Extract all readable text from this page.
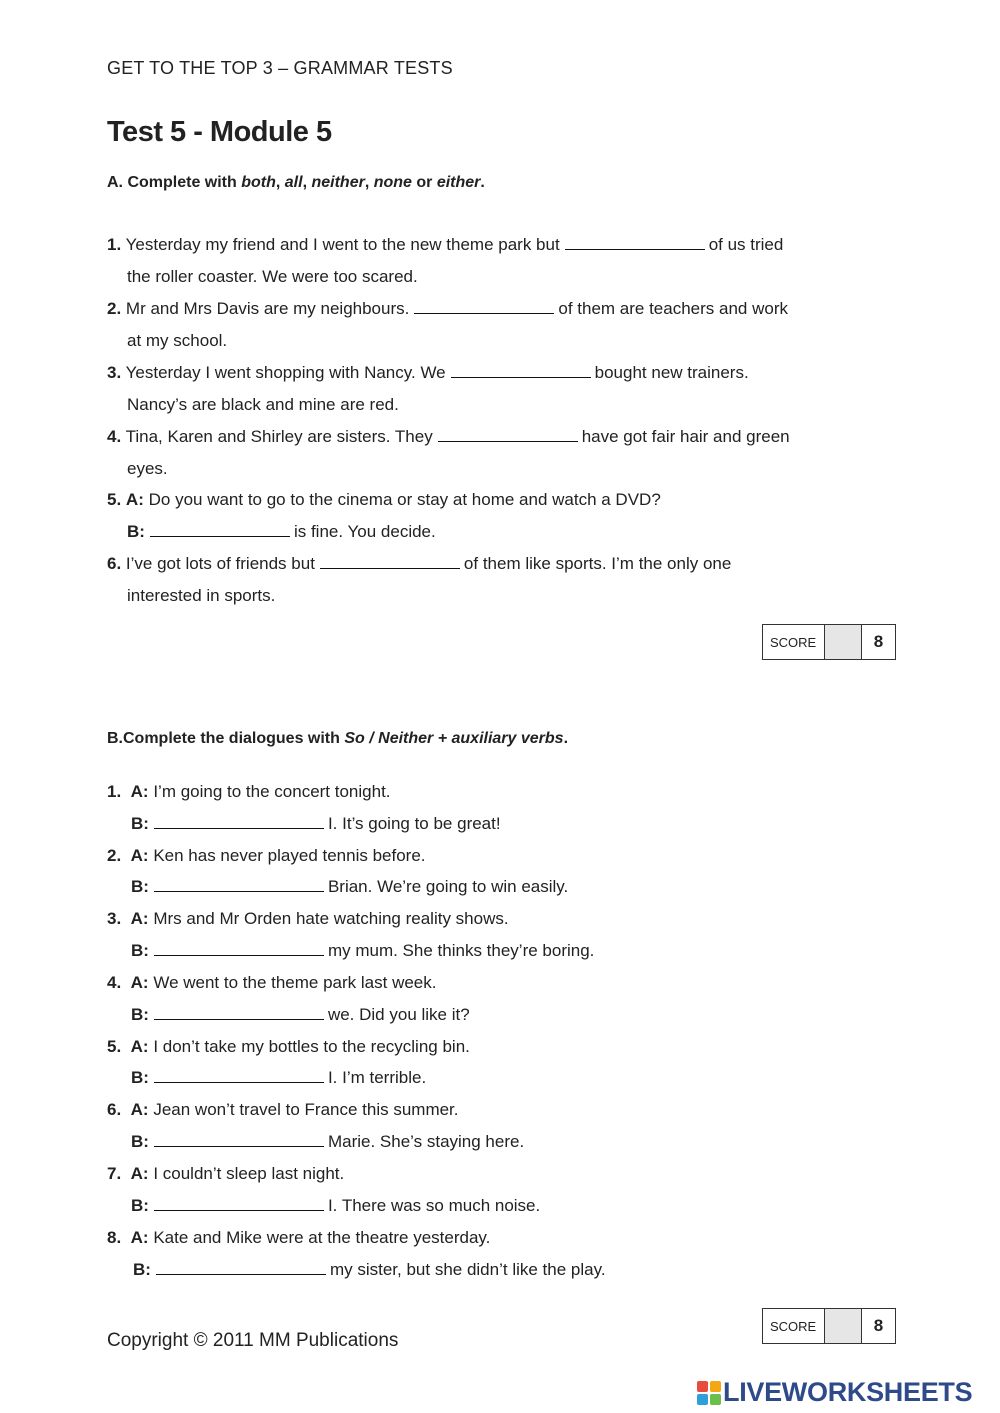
GET TO THE TOP 3 – GRAMMAR TESTS
Test 5 - Module 5
A. Complete with both, all, neither, none or either.
1. Yesterday my friend and I went to the new theme park but	of us tried
the roller coaster. We were too scared.
2. Mr and Mrs Davis are my neighbours.	of them are teachers and work
at my school.
3. Yesterday I went shopping with Nancy. We	bought new trainers.
Nancy’s are black and mine are red.
4. Tina, Karen and Shirley are sisters. They	have got fair hair and green
eyes.
5. A: Do you want to go to the cinema or stay at home and watch a DVD?
B:	is fine. You decide.
6. I’ve got lots of friends but	of them like sports. I’m the only one
interested in sports.
SCORE	8
B.Complete the dialogues with So / Neither + auxiliary verbs.
1. A: I’m going to the concert tonight.
B:	I. It’s going to be great!
2. A: Ken has never played tennis before.
B:	Brian. We’re going to win easily.
3. A: Mrs and Mr Orden hate watching reality shows.
B:	my mum. She thinks they’re boring.
4. A: We went to the theme park last week.
B:	we. Did you like it?
5. A: I don’t take my bottles to the recycling bin.
B:	I. I’m terrible.
6. A: Jean won’t travel to France this summer.
B:	Marie. She’s staying here.
7. A: I couldn’t sleep last night.
B:	I. There was so much noise.
8. A: Kate and Mike were at the theatre yesterday.
B:	my sister, but she didn’t like the play.
SCORE	8
Copyright © 2011 MM Publications
LIVEWORKSHEETS
